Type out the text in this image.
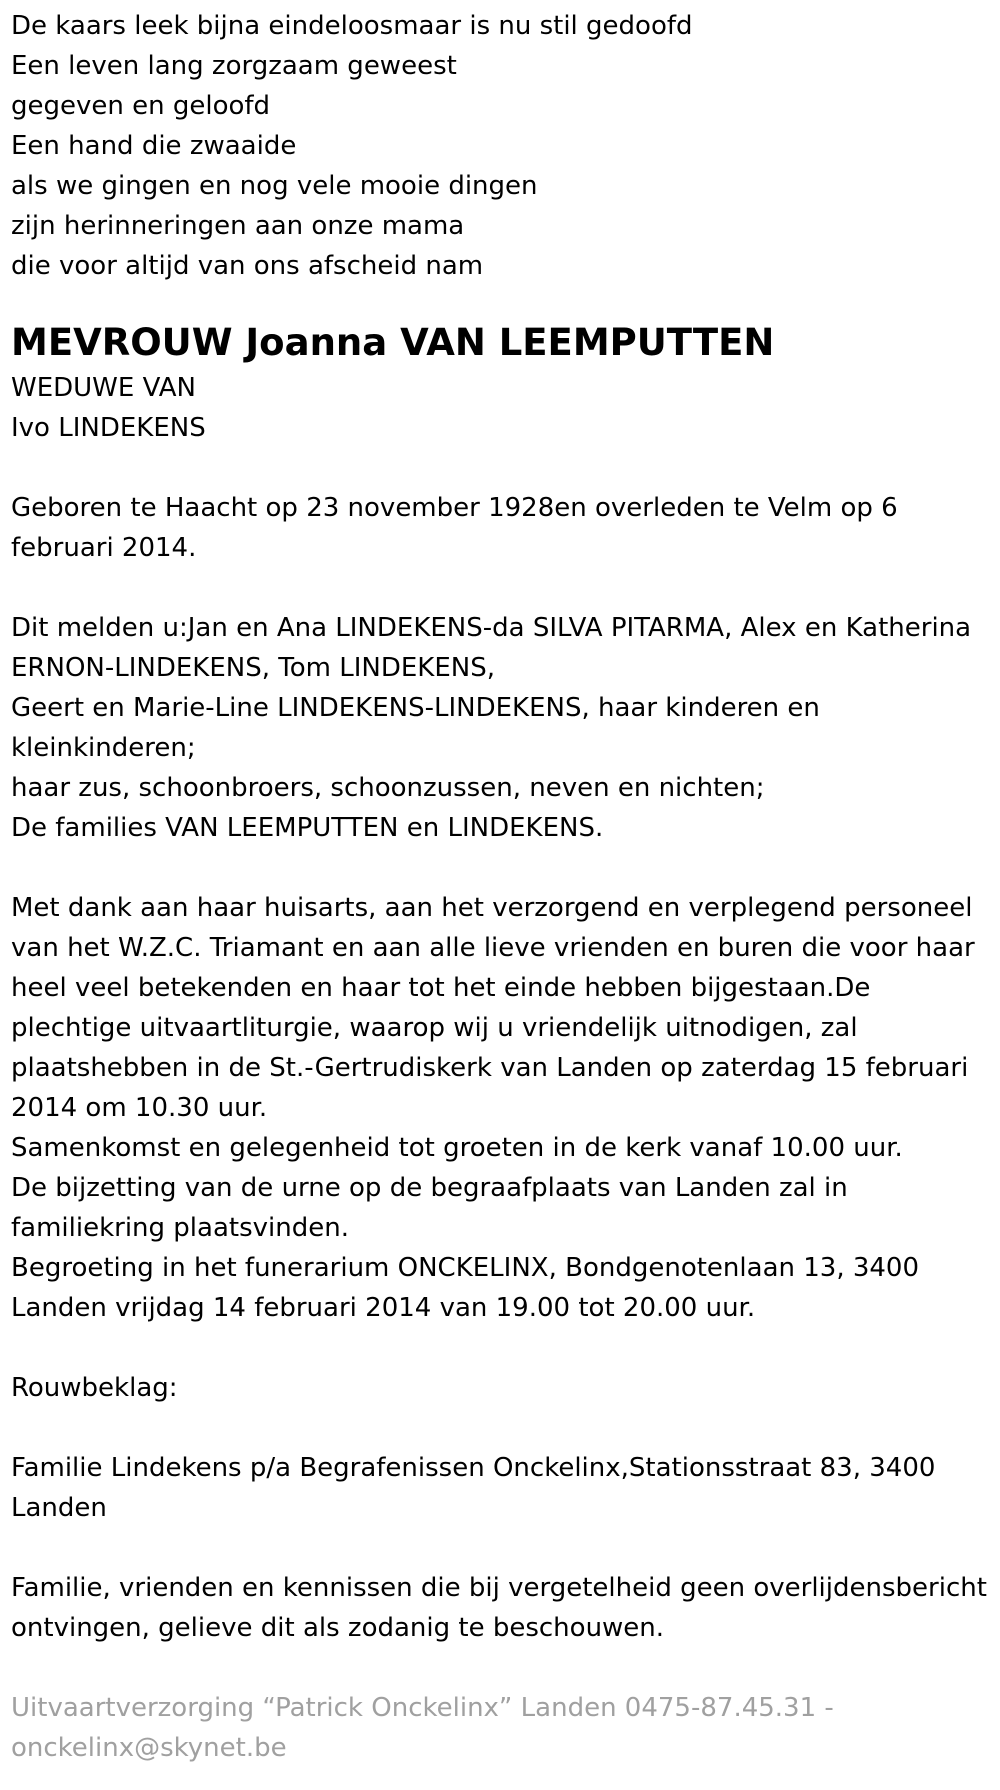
De kaars leek bijna eindeloosmaar is nu stil gedoofd
Een leven lang zorgzaam geweest
gegeven en geloofd
Een hand die zwaaide
als we gingen en nog vele mooie dingen
zijn herinneringen aan onze mama
die voor altijd van ons afscheid nam
MEVROUW Joanna VAN LEEMPUTTEN
WEDUWE VAN
Ivo LINDEKENS

Geboren te Haacht op 23 november 1928en overleden te Velm op 6 februari 2014.

Dit melden u:Jan en Ana LINDEKENS-da SILVA PITARMA, Alex en Katherina ERNON-LINDEKENS, Tom LINDEKENS,
Geert en Marie-Line LINDEKENS-LINDEKENS, haar kinderen en kleinkinderen;
haar zus, schoonbroers, schoonzussen, neven en nichten;
De families VAN LEEMPUTTEN en LINDEKENS.
Met dank aan haar huisarts, aan het verzorgend en verplegend personeel van het W.Z.C. Triamant en aan alle lieve vrienden en buren die voor haar heel veel betekenden en haar tot het einde hebben bijgestaan.De plechtige uitvaartliturgie, waarop wij u vriendelijk uitnodigen, zal plaatshebben in de St.-Gertrudiskerk van Landen op zaterdag 15 februari 2014 om 10.30 uur.
Samenkomst en gelegenheid tot groeten in de kerk vanaf 10.00 uur.
De bijzetting van de urne op de begraafplaats van Landen zal in familiekring plaatsvinden.
Begroeting in het funerarium ONCKELINX, Bondgenotenlaan 13, 3400 Landen vrijdag 14 februari 2014 van 19.00 tot 20.00 uur.

Rouwbeklag:

Familie Lindekens p/a Begrafenissen Onckelinx,Stationsstraat 83, 3400 Landen

Familie, vrienden en kennissen die bij vergetelheid geen overlijdensbericht ontvingen, gelieve dit als zodanig te beschouwen.

Uitvaartverzorging “Patrick Onckelinx” Landen 0475-87.45.31 - onckelinx@skynet.be
